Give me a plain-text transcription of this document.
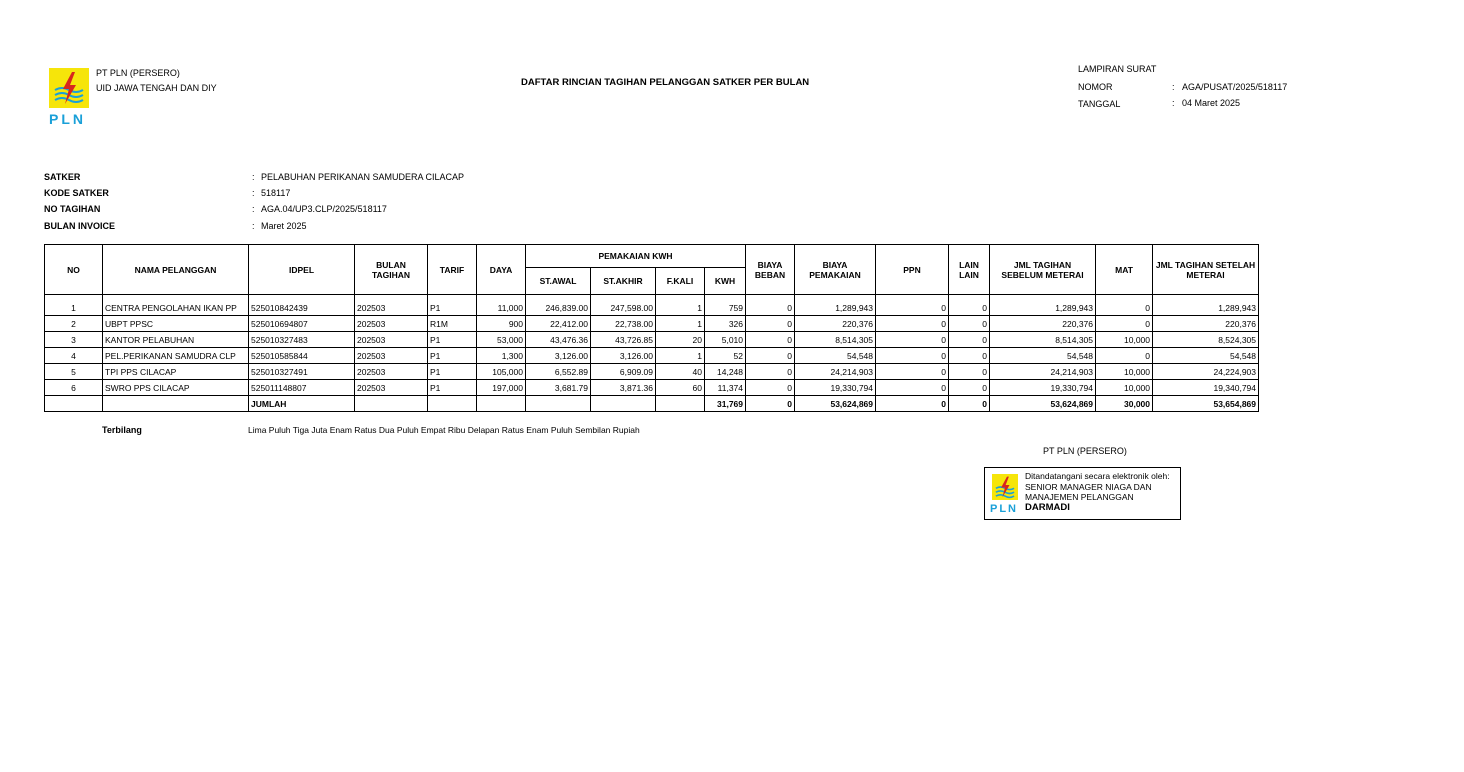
PLN
PT PLN (PERSERO)
UID JAWA TENGAH DAN DIY	DAFTAR RINCIAN TAGIHAN PELANGGAN SATKER PER BULAN
LAMPIRAN SURAT
NOMOR	: AGA/PUSAT/2025/518117
TANGGAL	: 04 Maret 2025
SATKER	: PELABUHAN PERIKANAN SAMUDERA CILACAP
KODE SATKER	: 518117
NO TAGIHAN	: AGA.04/UP3.CLP/2025/518117
BULAN INVOICE	: Maret 2025
NO	NAMA PELANGGAN	IDPEL	BULAN TAGIHAN	TARIF	DAYA	PEMAKAIAN KWH				BIAYA BEBAN	BIAYA PEMAKAIAN	PPN	LAIN LAIN	JML TAGIHAN SEBELUM METERAI	MAT	JML TAGIHAN SETELAH METERAI
						ST.AWAL	ST.AKHIR	F.KALI	KWH							
1	CENTRA PENGOLAHAN IKAN PP	525010842439	202503	P1	11,000	246,839.00	247,598.00	1	759	0	1,289,943	0	0	1,289,943	0	1,289,943
2	UBPT PPSC	525010694807	202503	R1M	900	22,412.00	22,738.00	1	326	0	220,376	0	0	220,376	0	220,376
3	KANTOR PELABUHAN	525010327483	202503	P1	53,000	43,476.36	43,726.85	20	5,010	0	8,514,305	0	0	8,514,305	10,000	8,524,305
4	PEL.PERIKANAN SAMUDRA CLP	525010585844	202503	P1	1,300	3,126.00	3,126.00	1	52	0	54,548	0	0	54,548	0	54,548
5	TPI PPS CILACAP	525010327491	202503	P1	105,000	6,552.89	6,909.09	40	14,248	0	24,214,903	0	0	24,214,903	10,000	24,224,903
6	SWRO PPS CILACAP	525011148807	202503	P1	197,000	3,681.79	3,871.36	60	11,374	0	19,330,794	0	0	19,330,794	10,000	19,340,794
		JUMLAH							31,769	0	53,624,869	0	0	53,624,869	30,000	53,654,869
Terbilang	Lima Puluh Tiga Juta Enam Ratus Dua Puluh Empat Ribu Delapan Ratus Enam Puluh Sembilan Rupiah
PT PLN (PERSERO)
PLN
Ditandatangani secara elektronik oleh:
SENIOR MANAGER NIAGA DAN
MANAJEMEN PELANGGAN
DARMADI
